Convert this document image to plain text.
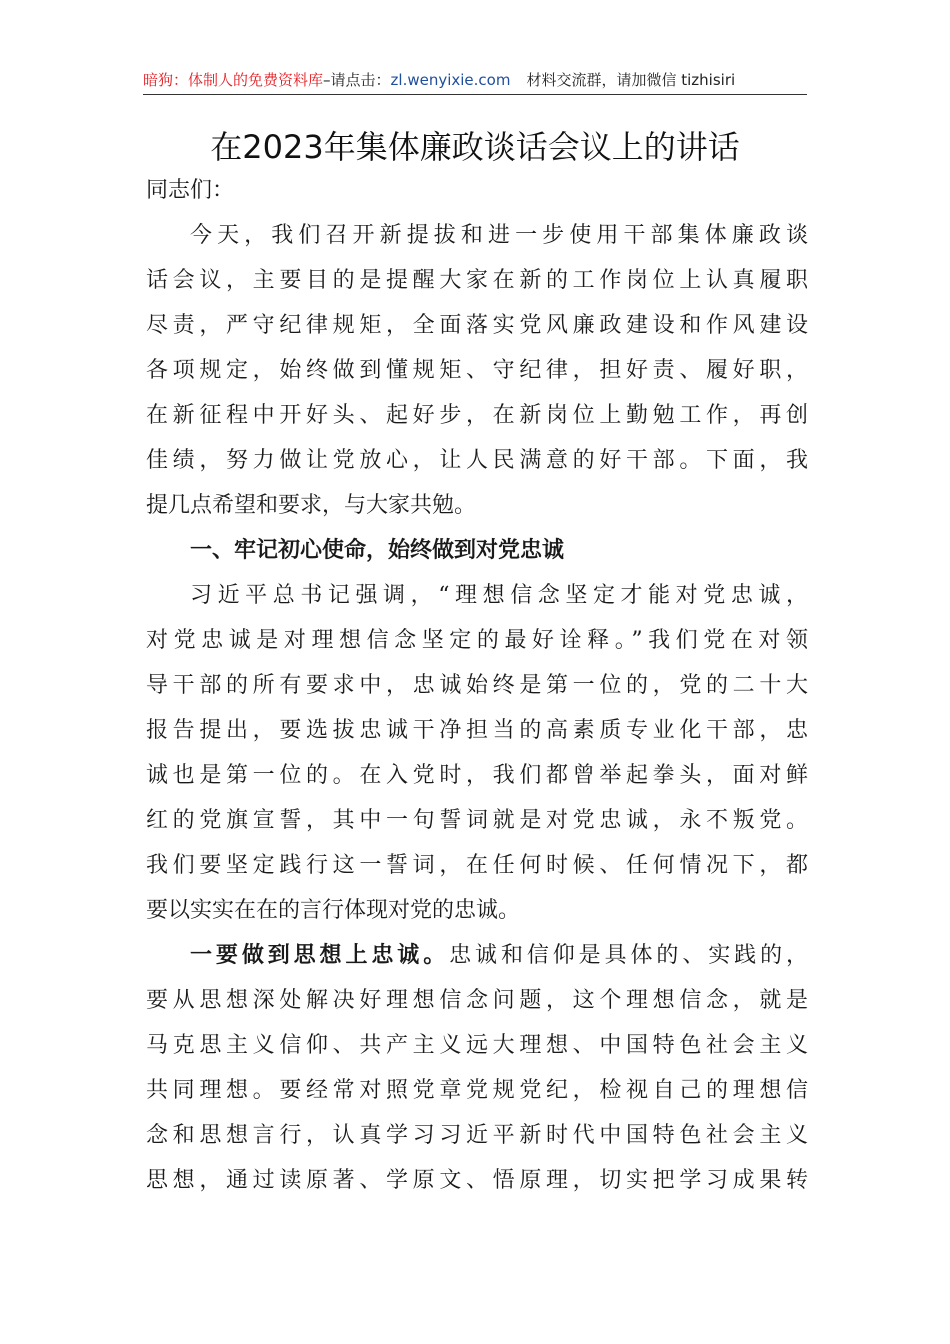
暗狗：体制人的免费资料库–请点击：zl.wenyixie.com 材料交流群，请加微信 tizhisiri
在2023年集体廉政谈话会议上的讲话
同志们：
今天，我们召开新提拔和进一步使用干部集体廉政谈
话会议，主要目的是提醒大家在新的工作岗位上认真履职
尽责，严守纪律规矩，全面落实党风廉政建设和作风建设
各项规定，始终做到懂规矩、守纪律，担好责、履好职，
在新征程中开好头、起好步，在新岗位上勤勉工作，再创
佳绩，努力做让党放心，让人民满意的好干部。下面，我
提几点希望和要求，与大家共勉。
一、牢记初心使命，始终做到对党忠诚
习近平总书记强调，“理想信念坚定才能对党忠诚，
对党忠诚是对理想信念坚定的最好诠释。”我们党在对领
导干部的所有要求中，忠诚始终是第一位的，党的二十大
报告提出，要选拔忠诚干净担当的高素质专业化干部，忠
诚也是第一位的。在入党时，我们都曾举起拳头，面对鲜
红的党旗宣誓，其中一句誓词就是对党忠诚，永不叛党。
我们要坚定践行这一誓词，在任何时候、任何情况下，都
要以实实在在的言行体现对党的忠诚。
一要做到思想上忠诚。忠诚和信仰是具体的、实践的，
要从思想深处解决好理想信念问题，这个理想信念，就是
马克思主义信仰、共产主义远大理想、中国特色社会主义
共同理想。要经常对照党章党规党纪，检视自己的理想信
念和思想言行，认真学习习近平新时代中国特色社会主义
思想，通过读原著、学原文、悟原理，切实把学习成果转
